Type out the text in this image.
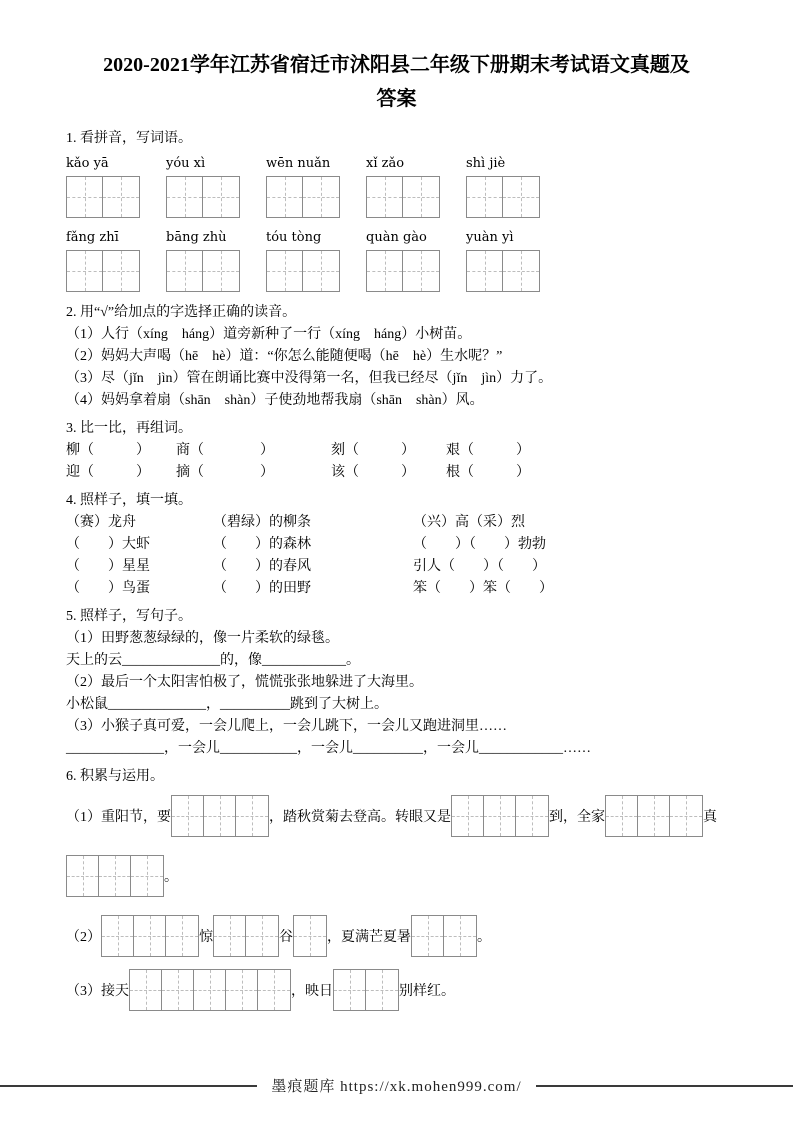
2020-2021学年江苏省宿迁市沭阳县二年级下册期末考试语文真题及
答案
1. 看拼音，写词语。
kǎo yā	yóu xì	wēn nuǎn	xǐ zǎo	shì jiè
fǎng zhī	bāng zhù	tóu tòng	quàn gào	yuàn yì
2. 用“√”给加点的字选择正确的读音。
（1）人行（xíng　háng）道旁新种了一行（xíng　háng）小树苗。
（2）妈妈大声喝（hē　hè）道：“你怎么能随便喝（hē　hè）生水呢？”
（3）尽（jǐn　jìn）管在朗诵比赛中没得第一名，但我已经尽（jǐn　jìn）力了。
（4）妈妈拿着扇（shān　shàn）子使劲地帮我扇（shān　shàn）风。
3. 比一比，再组词。
柳（　　　）	商（　　　　）	刻（　　　）	艰（　　　）
迎（　　　）	摘（　　　　）	该（　　　）	根（　　　）
4. 照样子，填一填。
（赛）龙舟	（碧绿）的柳条	（兴）高（采）烈
（　　）大虾	（　　）的森林	（　　）（　　）勃勃
（　　）星星	（　　）的春风	引人（　　）（　　）
（　　）鸟蛋	（　　）的田野	笨（　　）笨（　　）
5. 照样子，写句子。
（1）田野葱葱绿绿的，像一片柔软的绿毯。
天上的云______________的，像____________。
（2）最后一个太阳害怕极了，慌慌张张地躲进了大海里。
小松鼠______________，__________跳到了大树上。
（3）小猴子真可爱，一会儿爬上，一会儿跳下，一会儿又跑进洞里……
______________，一会儿___________，一会儿__________，一会儿____________……
6. 积累与运用。
（1）重阳节，要	，踏秋赏菊去登高。转眼又是	到，全家	真
。
（2）	惊	谷 ，夏满芒夏暑	。
（3）接天	，映日	别样红。
墨痕题库 https://xk.mohen999.com/
